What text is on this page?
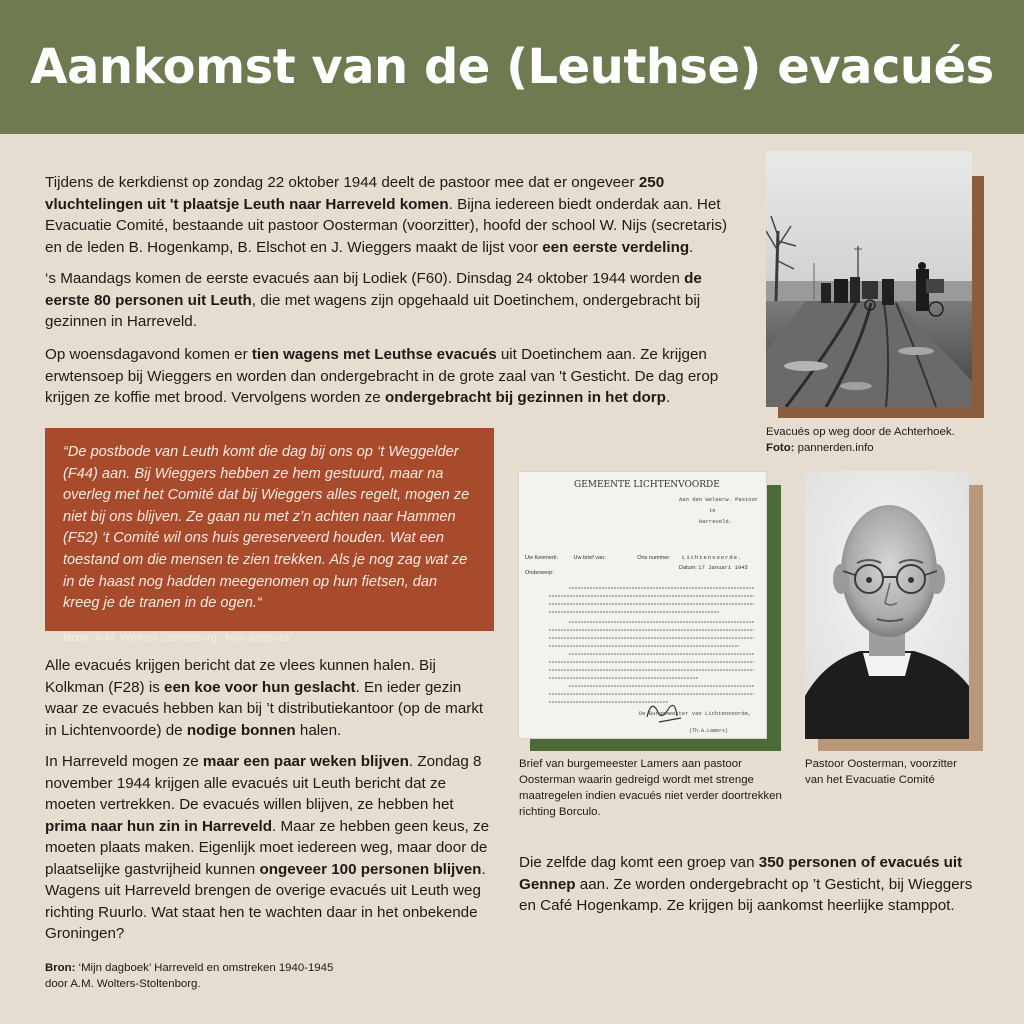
Aankomst van de (Leuthse) evacués

Tijdens de kerkdienst op zondag 22 oktober 1944 deelt de pastoor mee dat er ongeveer 250 vluchtelingen uit 't plaatsje Leuth naar Harreveld komen. Bijna iedereen biedt onderdak aan. Het Evacuatie Comité, bestaande uit pastoor Oosterman (voorzitter), hoofd der school W. Nijs (secretaris) en de leden B. Hogenkamp, B. Elschot en J. Wieggers maakt de lijst voor een eerste verdeling.

‘s Maandags komen de eerste evacués aan bij Lodiek (F60). Dinsdag 24 oktober 1944 worden de eerste 80 personen uit Leuth, die met wagens zijn opgehaald uit Doetinchem, ondergebracht bij gezinnen in Harreveld.

Op woensdagavond komen er tien wagens met Leuthse evacués uit Doetinchem aan. Ze krijgen erwtensoep bij Wieggers en worden dan ondergebracht in de grote zaal van 't Gesticht. De dag erop krijgen ze koffie met brood. Vervolgens worden ze ondergebracht bij gezinnen in het dorp.

“De postbode van Leuth komt die dag bij ons op ‘t Weggelder (F44) aan. Bij Wieggers hebben ze hem gestuurd, maar na overleg met het Comité dat bij Wieggers alles regelt, mogen ze niet bij ons blijven. Ze gaan nu met z’n achten naar Hammen (F52) ‘t Comité wil ons huis gereserveerd houden. Wat een toestand om die mensen te zien trekken. Als je nog zag wat ze in de haast nog hadden meegenomen op hun fietsen, dan kreeg je de tranen in de ogen.“

Bron: A.M. Wolters Stoltenborg: ‘Mijn dagboek’

Alle evacués krijgen bericht dat ze vlees kunnen halen. Bij Kolkman (F28) is een koe voor hun geslacht. En ieder gezin waar ze evacués hebben kan bij ’t distributiekantoor (op de markt in Lichtenvoorde) de nodige bonnen halen.

In Harreveld mogen ze maar een paar weken blijven. Zondag 8 november 1944 krijgen alle evacués uit Leuth bericht dat ze moeten vertrekken. De evacués willen blijven, ze hebben het prima naar hun zin in Harreveld. Maar ze hebben geen keus, ze moeten plaats maken. Eigenlijk moet iedereen weg, maar door de plaatselijke gastvrijheid kunnen ongeveer 100 personen blijven. Wagens uit Harreveld brengen de overige evacués uit Leuth weg richting Ruurlo. Wat staat hen te wachten daar in het onbekende Groningen?

Die zelfde dag komt een groep van 350 personen of evacués uit Gennep aan. Ze worden ondergebracht op ’t Gesticht, bij Wieggers en Café Hogenkamp. Ze krijgen bij aankomst heerlijke stamppot.

Evacués op weg door de Achterhoek.
Foto: pannerden.info
GEMEENTE LICHTENVOORDE
Aan den Weleerw. Pastoor
te
Harreveld.
Uw Kenmerk:	Uw brief van:	Ons nummer: Lichtenvoorde.
Datum: 17 Januari 1945
Onderwerp:
De Burgemeester van Lichtenvoorde,
(Th.A.Lamers)
Brief van burgemeester Lamers aan pastoor Oosterman waarin gedreigd wordt met strenge maatregelen indien evacués niet verder doortrekken richting Borculo.
Pastoor Oosterman, voorzitter van het Evacuatie Comité
Bron: ‘Mijn dagboek’ Harreveld en omstreken 1940-1945
door A.M. Wolters-Stoltenborg.
